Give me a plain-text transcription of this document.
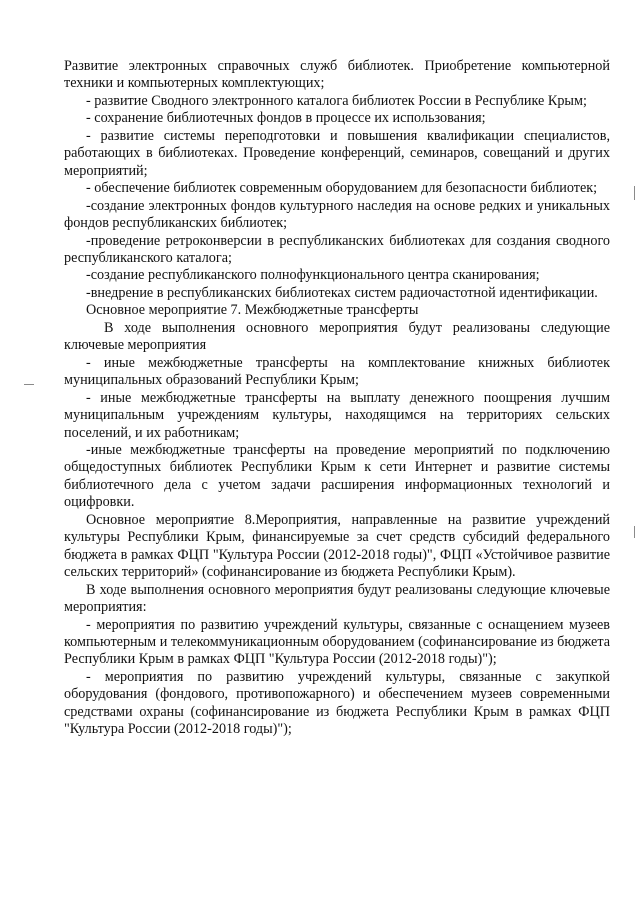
Развитие электронных справочных служб библиотек. Приобретение компьютерной техники и компьютерных комплектующих;

- развитие Сводного электронного каталога библиотек России в Республике Крым;

- сохранение библиотечных фондов в процессе их использования;

- развитие системы переподготовки и повышения квалификации специалистов, работающих в библиотеках. Проведение конференций, семинаров, совещаний и других мероприятий;

- обеспечение библиотек современным оборудованием для безопасности библиотек;

-создание электронных фондов культурного наследия на основе редких и уникальных фондов республиканских библиотек;

-проведение ретроконверсии в республиканских библиотеках для создания сводного республиканского каталога;

-создание республиканского полнофункционального центра сканирования;

-внедрение в республиканских библиотеках систем радиочастотной идентификации.

Основное мероприятие 7. Межбюджетные трансферты

В ходе выполнения основного мероприятия будут реализованы следующие ключевые мероприятия

- иные межбюджетные трансферты на комплектование книжных библиотек муниципальных образований Республики Крым;

- иные межбюджетные трансферты на выплату денежного поощрения лучшим муниципальным учреждениям культуры, находящимся на территориях сельских поселений, и их работникам;

-иные межбюджетные трансферты на проведение мероприятий по подключению общедоступных библиотек Республики Крым к сети Интернет и развитие системы библиотечного дела с учетом задачи расширения информационных технологий и оцифровки.

Основное мероприятие 8.Мероприятия, направленные на развитие учреждений культуры Республики Крым, финансируемые за счет средств субсидий федерального бюджета в рамках ФЦП "Культура России (2012-2018 годы)", ФЦП «Устойчивое развитие сельских территорий» (софинансирование из бюджета Республики Крым).

В ходе выполнения основного мероприятия будут реализованы следующие ключевые мероприятия:

- мероприятия по развитию учреждений культуры, связанные с оснащением музеев компьютерным и телекоммуникационным оборудованием (софинансирование из бюджета Республики Крым в рамках ФЦП "Культура России (2012-2018 годы)");

- мероприятия по развитию учреждений культуры, связанные с закупкой оборудования (фондового, противопожарного) и обеспечением музеев современными средствами охраны (софинансирование из бюджета Республики Крым в рамках ФЦП "Культура России (2012-2018 годы)");
